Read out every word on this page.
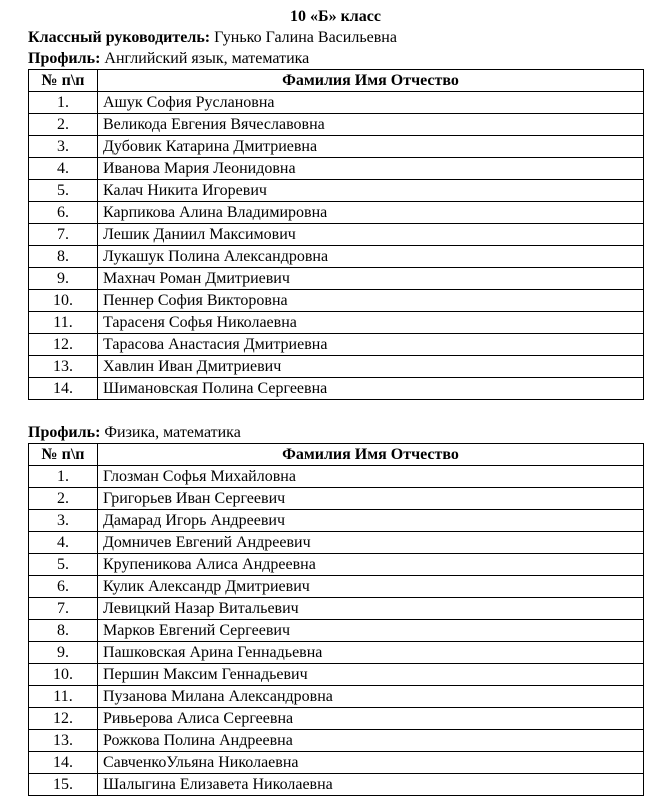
10 «Б» класс
Классный руководитель: Гунько Галина Васильевна
Профиль: Английский язык, математика
№ п\п	Фамилия Имя Отчество
1.	Ашук София Руслановна
2.	Великода Евгения Вячеславовна
3.	Дубовик Катарина Дмитриевна
4.	Иванова Мария Леонидовна
5.	Калач Никита Игоревич
6.	Карпикова Алина Владимировна
7.	Лешик Даниил Максимович
8.	Лукашук Полина Александровна
9.	Махнач Роман Дмитриевич
10.	Пеннер София Викторовна
11.	Тарасеня Софья Николаевна
12.	Тарасова Анастасия Дмитриевна
13.	Хавлин Иван Дмитриевич
14.	Шимановская Полина Сергеевна
Профиль: Физика, математика
№ п\п	Фамилия Имя Отчество
1.	Глозман Софья Михайловна
2.	Григорьев Иван Сергеевич
3.	Дамарад Игорь Андреевич
4.	Домничев Евгений Андреевич
5.	Крупеникова Алиса Андреевна
6.	Кулик Александр Дмитриевич
7.	Левицкий Назар Витальевич
8.	Марков Евгений Сергеевич
9.	Пашковская Арина Геннадьевна
10.	Першин Максим Геннадьевич
11.	Пузанова Милана Александровна
12.	Ривьерова Алиса Сергеевна
13.	Рожкова Полина Андреевна
14.	СавченкоУльяна Николаевна
15.	Шалыгина Елизавета Николаевна
